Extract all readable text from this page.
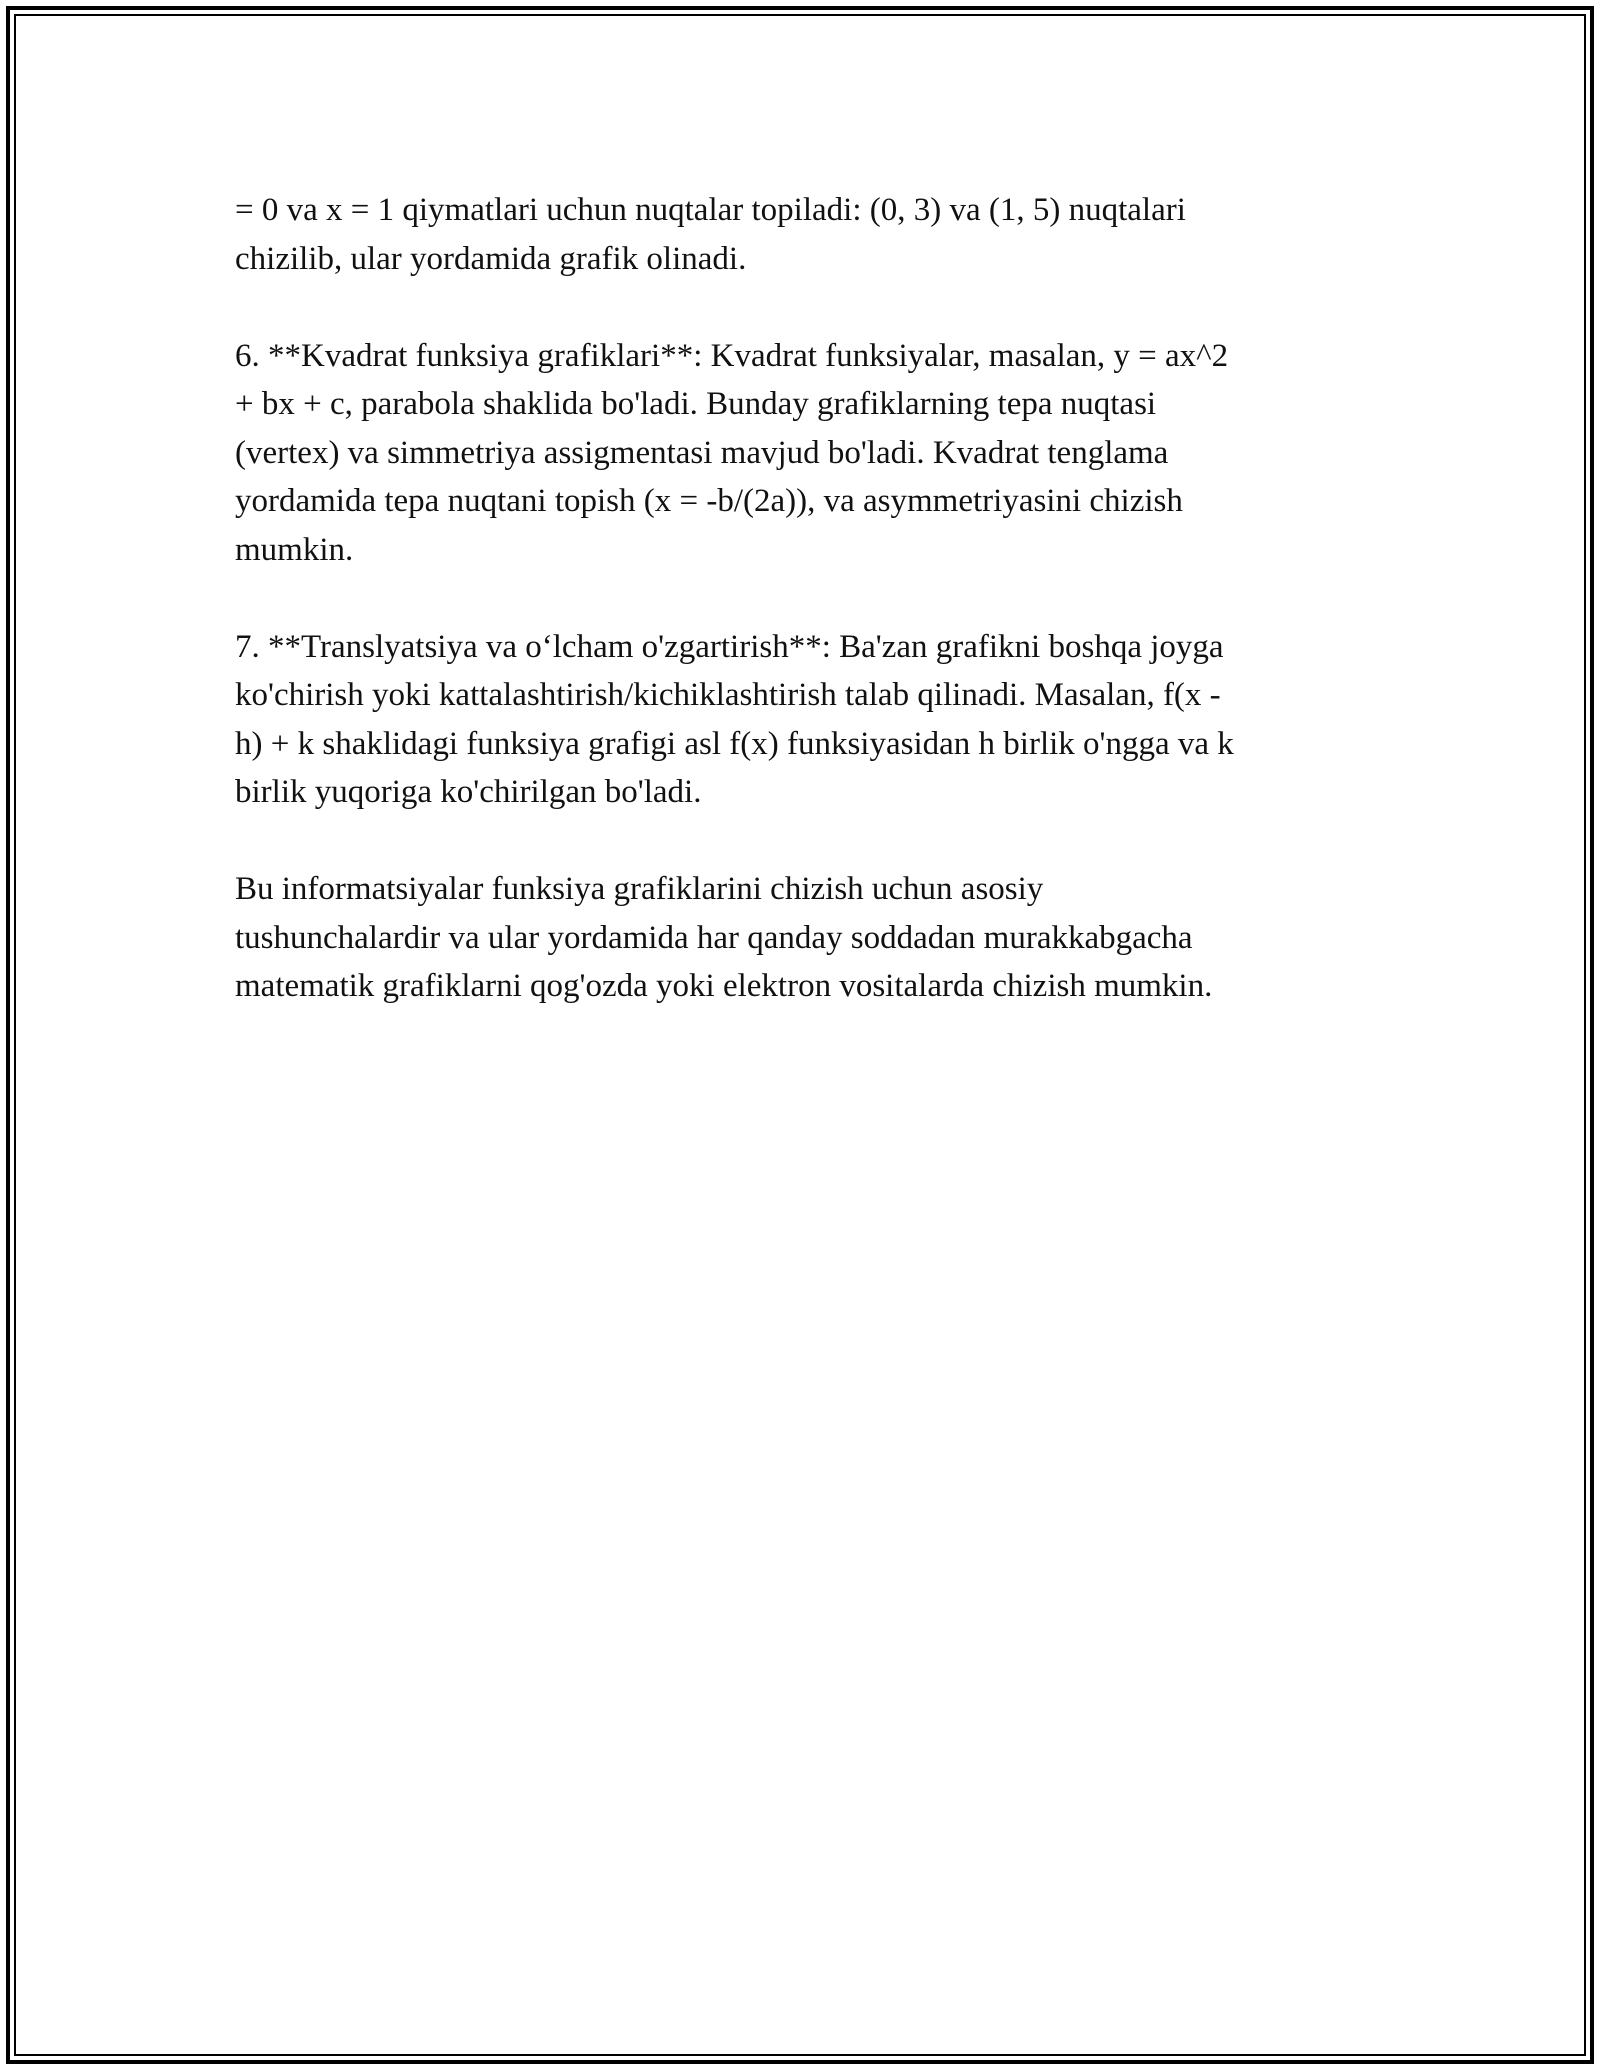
= 0 va x = 1 qiymatlari uchun nuqtalar topiladi: (0, 3) va (1, 5) nuqtalari
chizilib, ular yordamida grafik olinadi.
6. **Kvadrat funksiya grafiklari**: Kvadrat funksiyalar, masalan, y = ax^2
+ bx + c, parabola shaklida bo'ladi. Bunday grafiklarning tepa nuqtasi
(vertex) va simmetriya assigmentasi mavjud bo'ladi. Kvadrat tenglama
yordamida tepa nuqtani topish (x = -b/(2a)), va asymmetriyasini chizish
mumkin.
7. **Translyatsiya va o‘lcham o'zgartirish**: Ba'zan grafikni boshqa joyga
ko'chirish yoki kattalashtirish/kichiklashtirish talab qilinadi. Masalan, f(x -
h) + k shaklidagi funksiya grafigi asl f(x) funksiyasidan h birlik o'ngga va k
birlik yuqoriga ko'chirilgan bo'ladi.
Bu informatsiyalar funksiya grafiklarini chizish uchun asosiy
tushunchalardir va ular yordamida har qanday soddadan murakkabgacha
matematik grafiklarni qog'ozda yoki elektron vositalarda chizish mumkin.
